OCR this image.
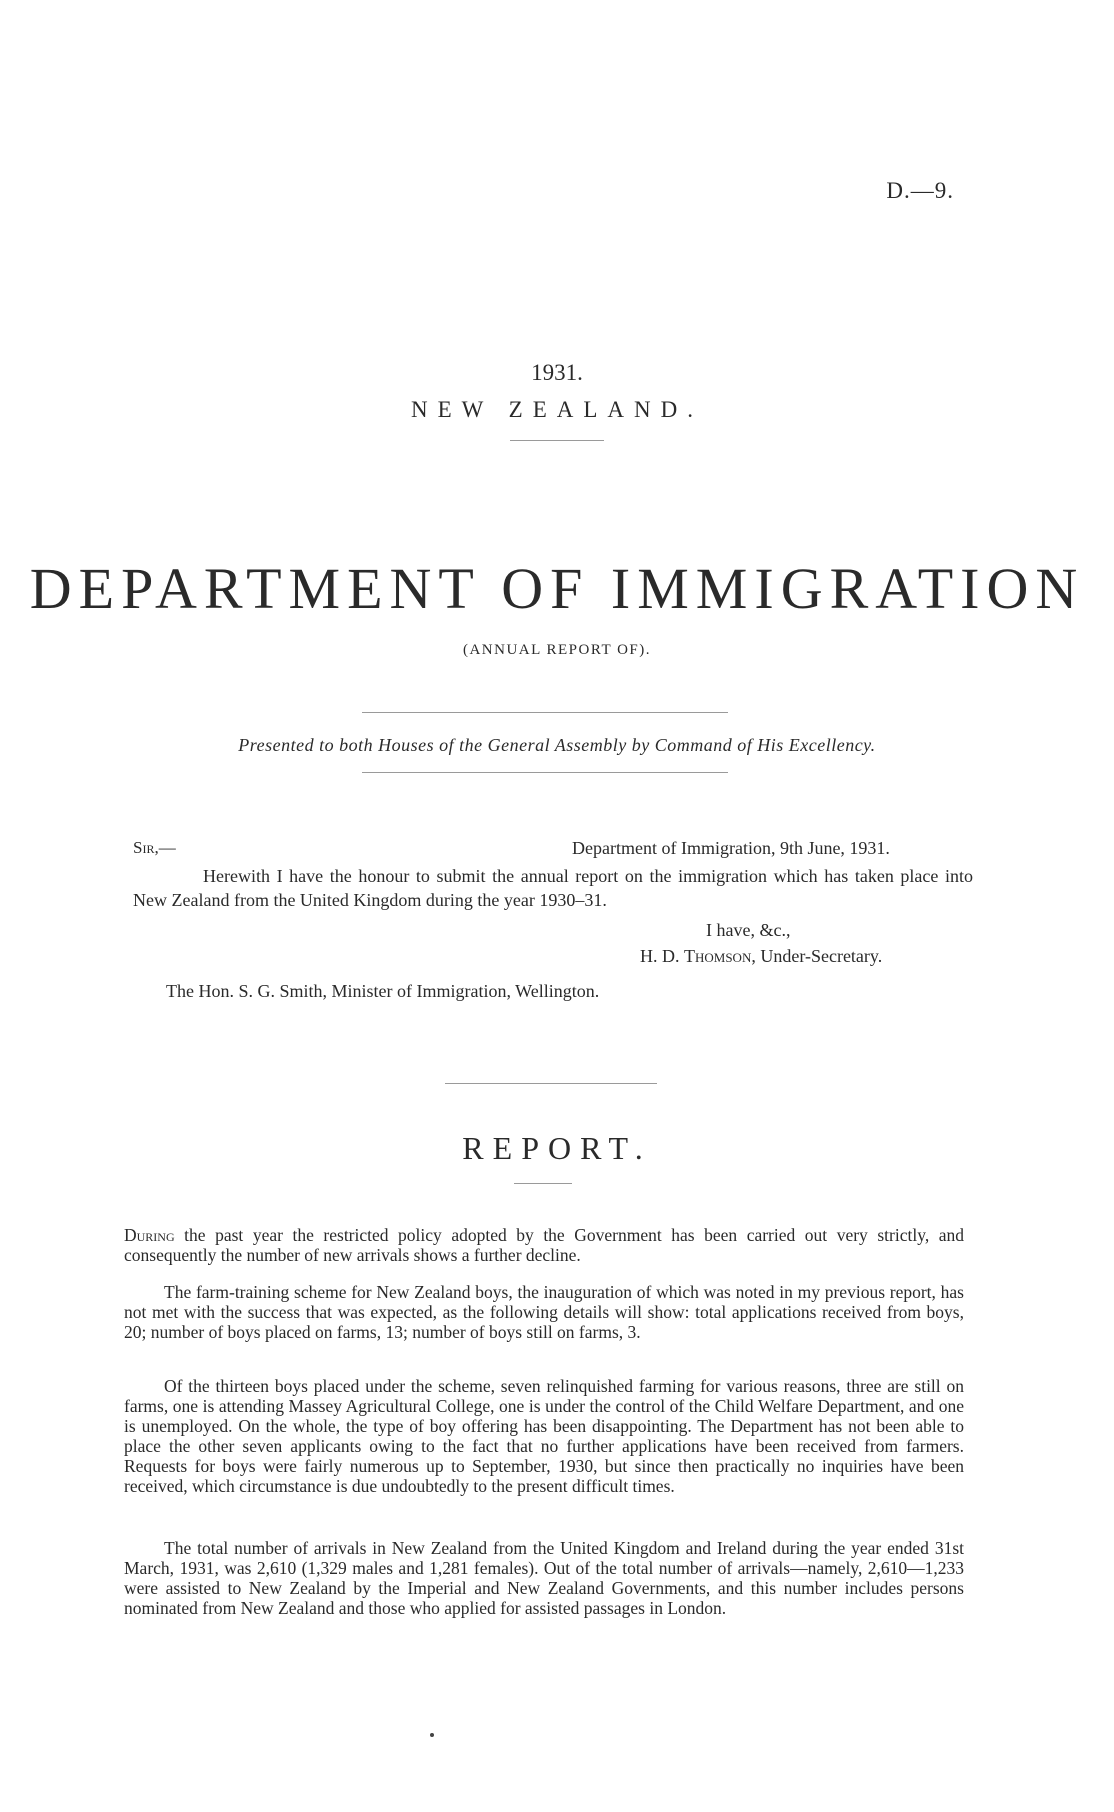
D.—9.
1931.
NEW ZEALAND.
DEPARTMENT OF IMMIGRATION
(ANNUAL REPORT OF).
Presented to both Houses of the General Assembly by Command of His Excellency.
Sir,—	Department of Immigration, 9th June, 1931.
Herewith I have the honour to submit the annual report on the immigration which has taken place into New Zealand from the United Kingdom during the year 1930–31.
I have, &c.,
H. D. Thomson, Under-Secretary.
The Hon. S. G. Smith, Minister of Immigration, Wellington.
REPORT.

During the past year the restricted policy adopted by the Government has been carried out very strictly, and consequently the number of new arrivals shows a further decline.

The farm-training scheme for New Zealand boys, the inauguration of which was noted in my previous report, has not met with the success that was expected, as the following details will show: total applications received from boys, 20; number of boys placed on farms, 13; number of boys still on farms, 3.

Of the thirteen boys placed under the scheme, seven relinquished farming for various reasons, three are still on farms, one is attending Massey Agricultural College, one is under the control of the Child Welfare Department, and one is unemployed. On the whole, the type of boy offering has been disappointing. The Department has not been able to place the other seven applicants owing to the fact that no further applications have been received from farmers. Requests for boys were fairly numerous up to September, 1930, but since then practically no inquiries have been received, which circumstance is due undoubtedly to the present difficult times.

The total number of arrivals in New Zealand from the United Kingdom and Ireland during the year ended 31st March, 1931, was 2,610 (1,329 males and 1,281 females). Out of the total number of arrivals—namely, 2,610—1,233 were assisted to New Zealand by the Imperial and New Zealand Governments, and this number includes persons nominated from New Zealand and those who applied for assisted passages in London.
